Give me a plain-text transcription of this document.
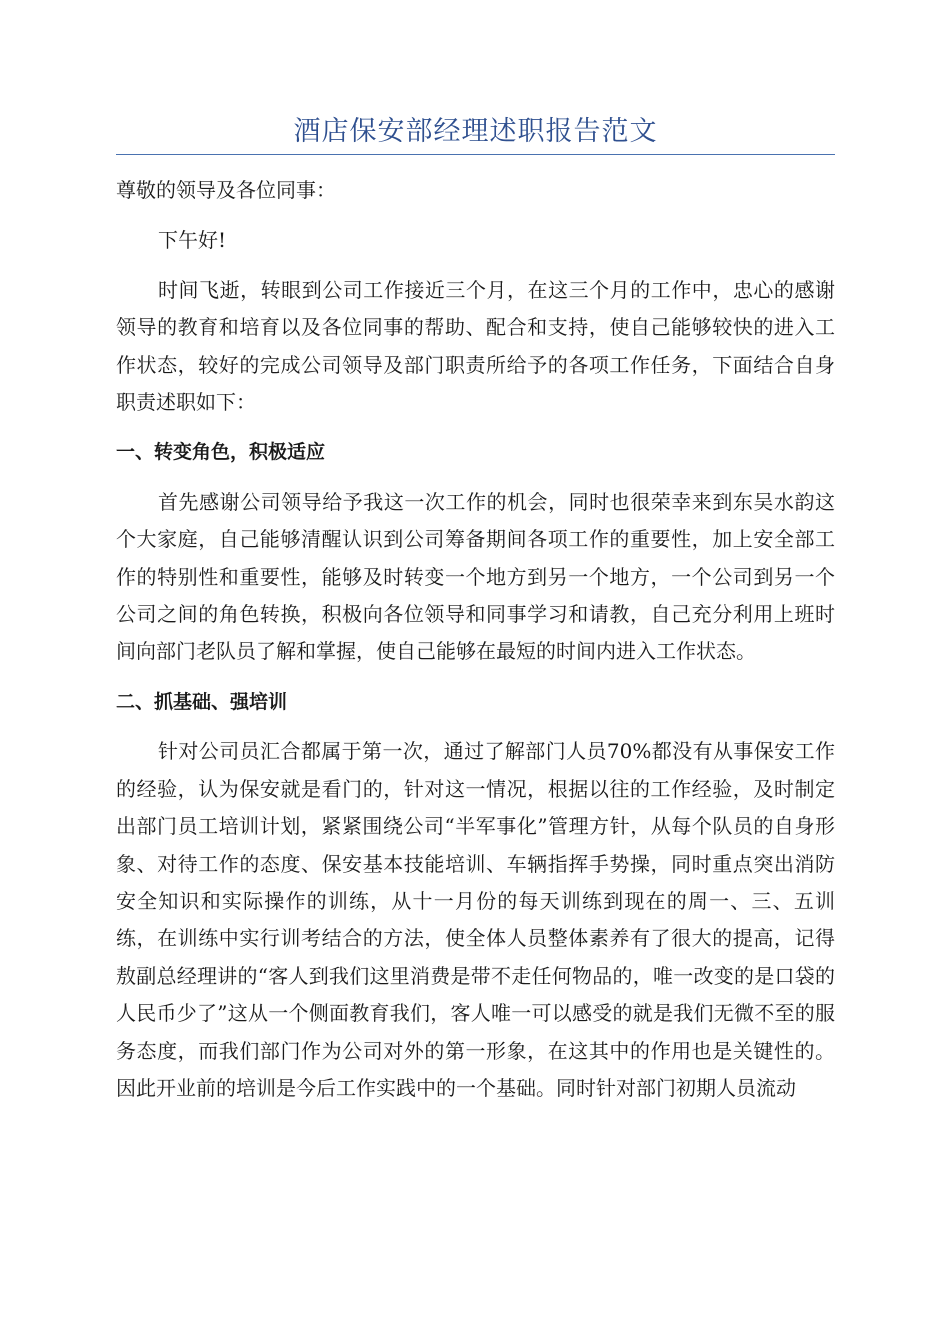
酒店保安部经理述职报告范文

尊敬的领导及各位同事：

下午好!

时间飞逝，转眼到公司工作接近三个月，在这三个月的工作中，忠心的感谢领导的教育和培育以及各位同事的帮助、配合和支持，使自己能够较快的进入工作状态，较好的完成公司领导及部门职责所给予的各项工作任务，下面结合自身职责述职如下：

一、转变角色，积极适应

首先感谢公司领导给予我这一次工作的机会，同时也很荣幸来到东吴水韵这个大家庭，自己能够清醒认识到公司筹备期间各项工作的重要性，加上安全部工作的特别性和重要性，能够及时转变一个地方到另一个地方，一个公司到另一个公司之间的角色转换，积极向各位领导和同事学习和请教，自己充分利用上班时间向部门老队员了解和掌握，使自己能够在最短的时间内进入工作状态。

二、抓基础、强培训

针对公司员汇合都属于第一次，通过了解部门人员70%都没有从事保安工作的经验，认为保安就是看门的，针对这一情况，根据以往的工作经验，及时制定出部门员工培训计划，紧紧围绕公司“半军事化”管理方针，从每个队员的自身形象、对待工作的态度、保安基本技能培训、车辆指挥手势操，同时重点突出消防安全知识和实际操作的训练，从十一月份的每天训练到现在的周一、三、五训练，在训练中实行训考结合的方法，使全体人员整体素养有了很大的提高，记得敖副总经理讲的“客人到我们这里消费是带不走任何物品的，唯一改变的是口袋的人民币少了”这从一个侧面教育我们，客人唯一可以感受的就是我们无微不至的服务态度，而我们部门作为公司对外的第一形象，在这其中的作用也是关键性的。因此开业前的培训是今后工作实践中的一个基础。同时针对部门初期人员流动
